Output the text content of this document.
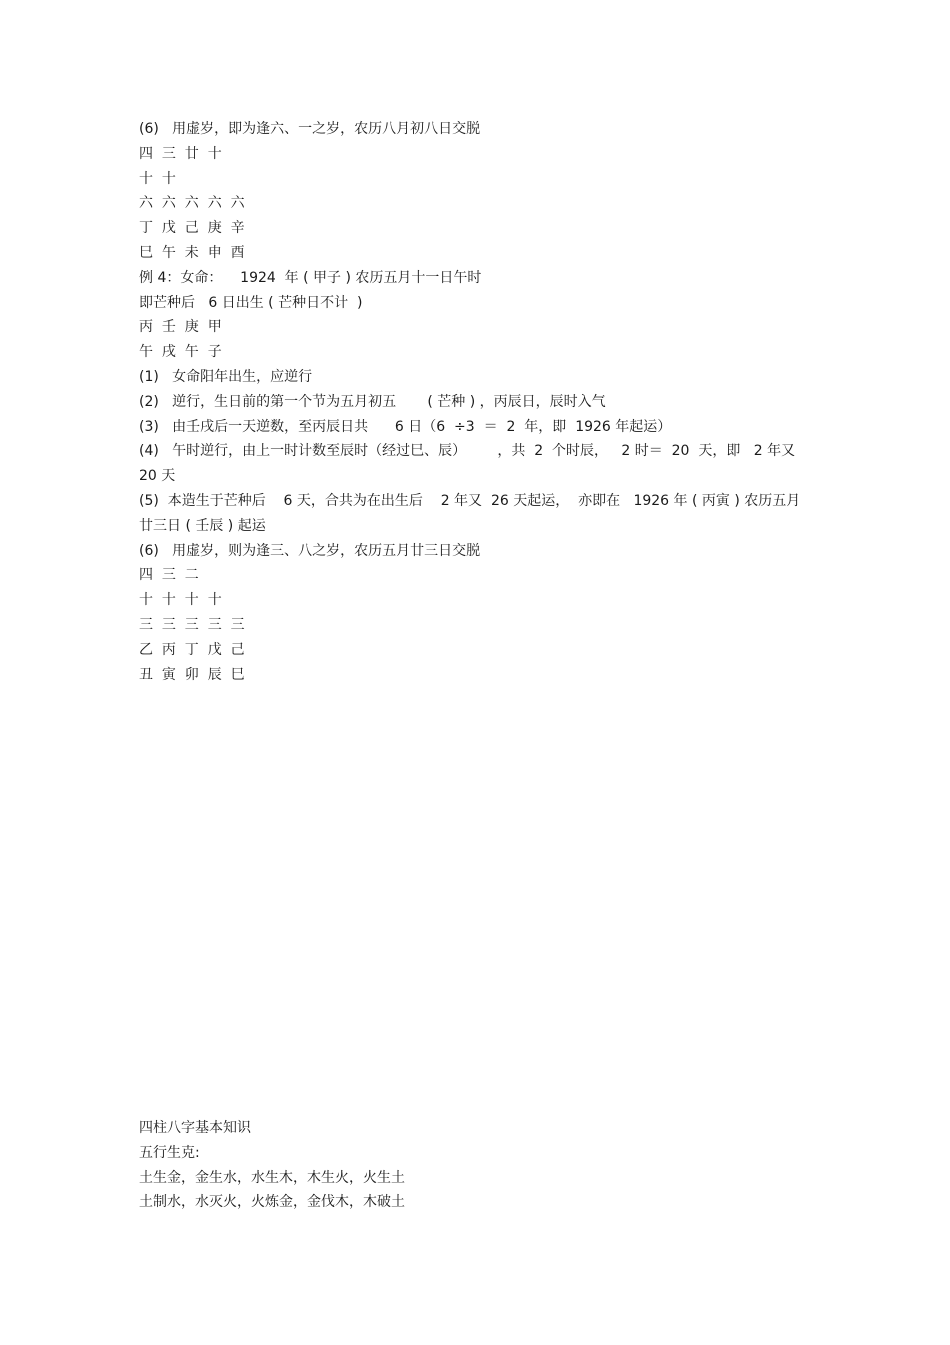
(6)   用虚岁，即为逢六、一之岁，农历八月初八日交脱

四  三  廿  十

十  十

六  六  六  六  六

丁  戊  己  庚  辛

巳  午  未  申  酉

例 4：女命：    1924  年 ( 甲子 ) 农历五月十一日午时

即芒种后   6 日出生 ( 芒种日不计  )

丙  壬  庚  甲

午  戌  午  子

(1)   女命阳年出生，应逆行

(2)   逆行，生日前的第一个节为五月初五       ( 芒种 ) ，丙辰日，辰时入气

(3)   由壬戌后一天逆数，至丙辰日共      6 日（6  ÷3  ＝  2  年，即  1926 年起运）

(4)   午时逆行，由上一时计数至辰时（经过巳、辰）       ，共  2  个时辰，   2 时＝  20  天，即   2 年又

20 天

(5)  本造生于芒种后    6 天，合共为在出生后    2 年又  26 天起运，  亦即在   1926 年 ( 丙寅 ) 农历五月

廿三日 ( 壬辰 ) 起运

(6)   用虚岁，则为逢三、八之岁，农历五月廿三日交脱

四  三  二

十  十  十  十

三  三  三  三  三

乙  丙  丁  戊  己

丑  寅  卯  辰  巳

四柱八字基本知识

五行生克:

土生金，金生水，水生木，木生火，火生土

土制水，水灭火，火炼金，金伐木，木破土
